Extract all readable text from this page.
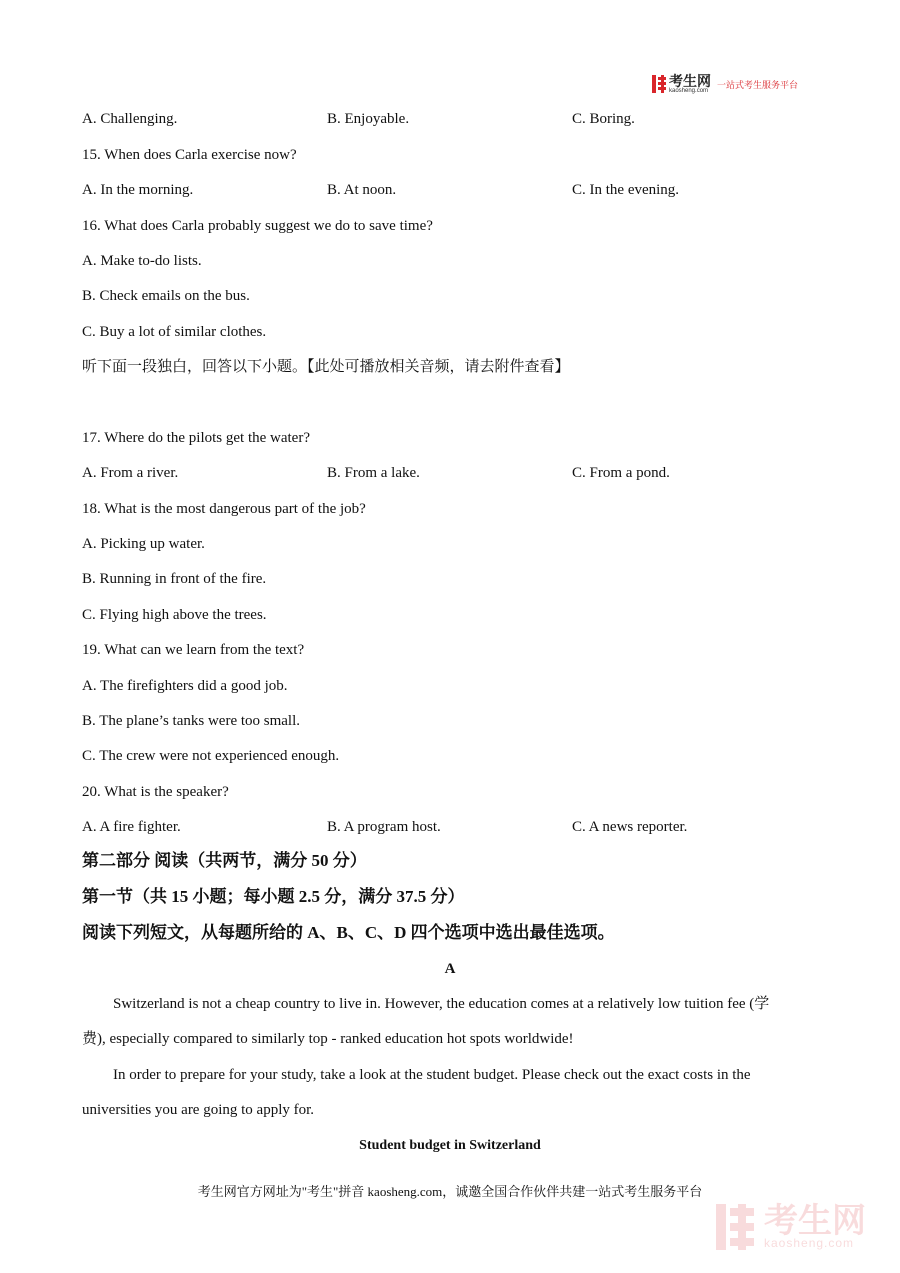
考生网
kaosheng.com 一站式考生服务平台
A. Challenging.	B. Enjoyable.	C. Boring.
15. When does Carla exercise now?
A. In the morning.	B. At noon.	C. In the evening.
16. What does Carla probably suggest we do to save time?
A. Make to-do lists.
B. Check emails on the bus.
C. Buy a lot of similar clothes.
听下面一段独白，回答以下小题。【此处可播放相关音频，请去附件查看】
17. Where do the pilots get the water?
A. From a river.	B. From a lake.	C. From a pond.
18. What is the most dangerous part of the job?
A. Picking up water.
B. Running in front of the fire.
C. Flying high above the trees.
19. What can we learn from the text?
A. The firefighters did a good job.
B. The plane’s tanks were too small.
C. The crew were not experienced enough.
20. What is the speaker?
A. A fire fighter.	B. A program host.	C. A news reporter.
第二部分 阅读（共两节，满分 50 分）
第一节（共 15 小题；每小题 2.5 分，满分 37.5 分）
阅读下列短文，从每题所给的 A、B、C、D 四个选项中选出最佳选项。
A
Switzerland is not a cheap country to live in. However, the education comes at a relatively low tuition fee (学
费), especially compared to similarly top - ranked education hot spots worldwide!
In order to prepare for your study, take a look at the student budget. Please check out the exact costs in the
universities you are going to apply for.
Student budget in Switzerland
考生网官方网址为"考生"拼音 kaosheng.com，诚邀全国合作伙伴共建一站式考生服务平台
考生网
kaosheng.com
